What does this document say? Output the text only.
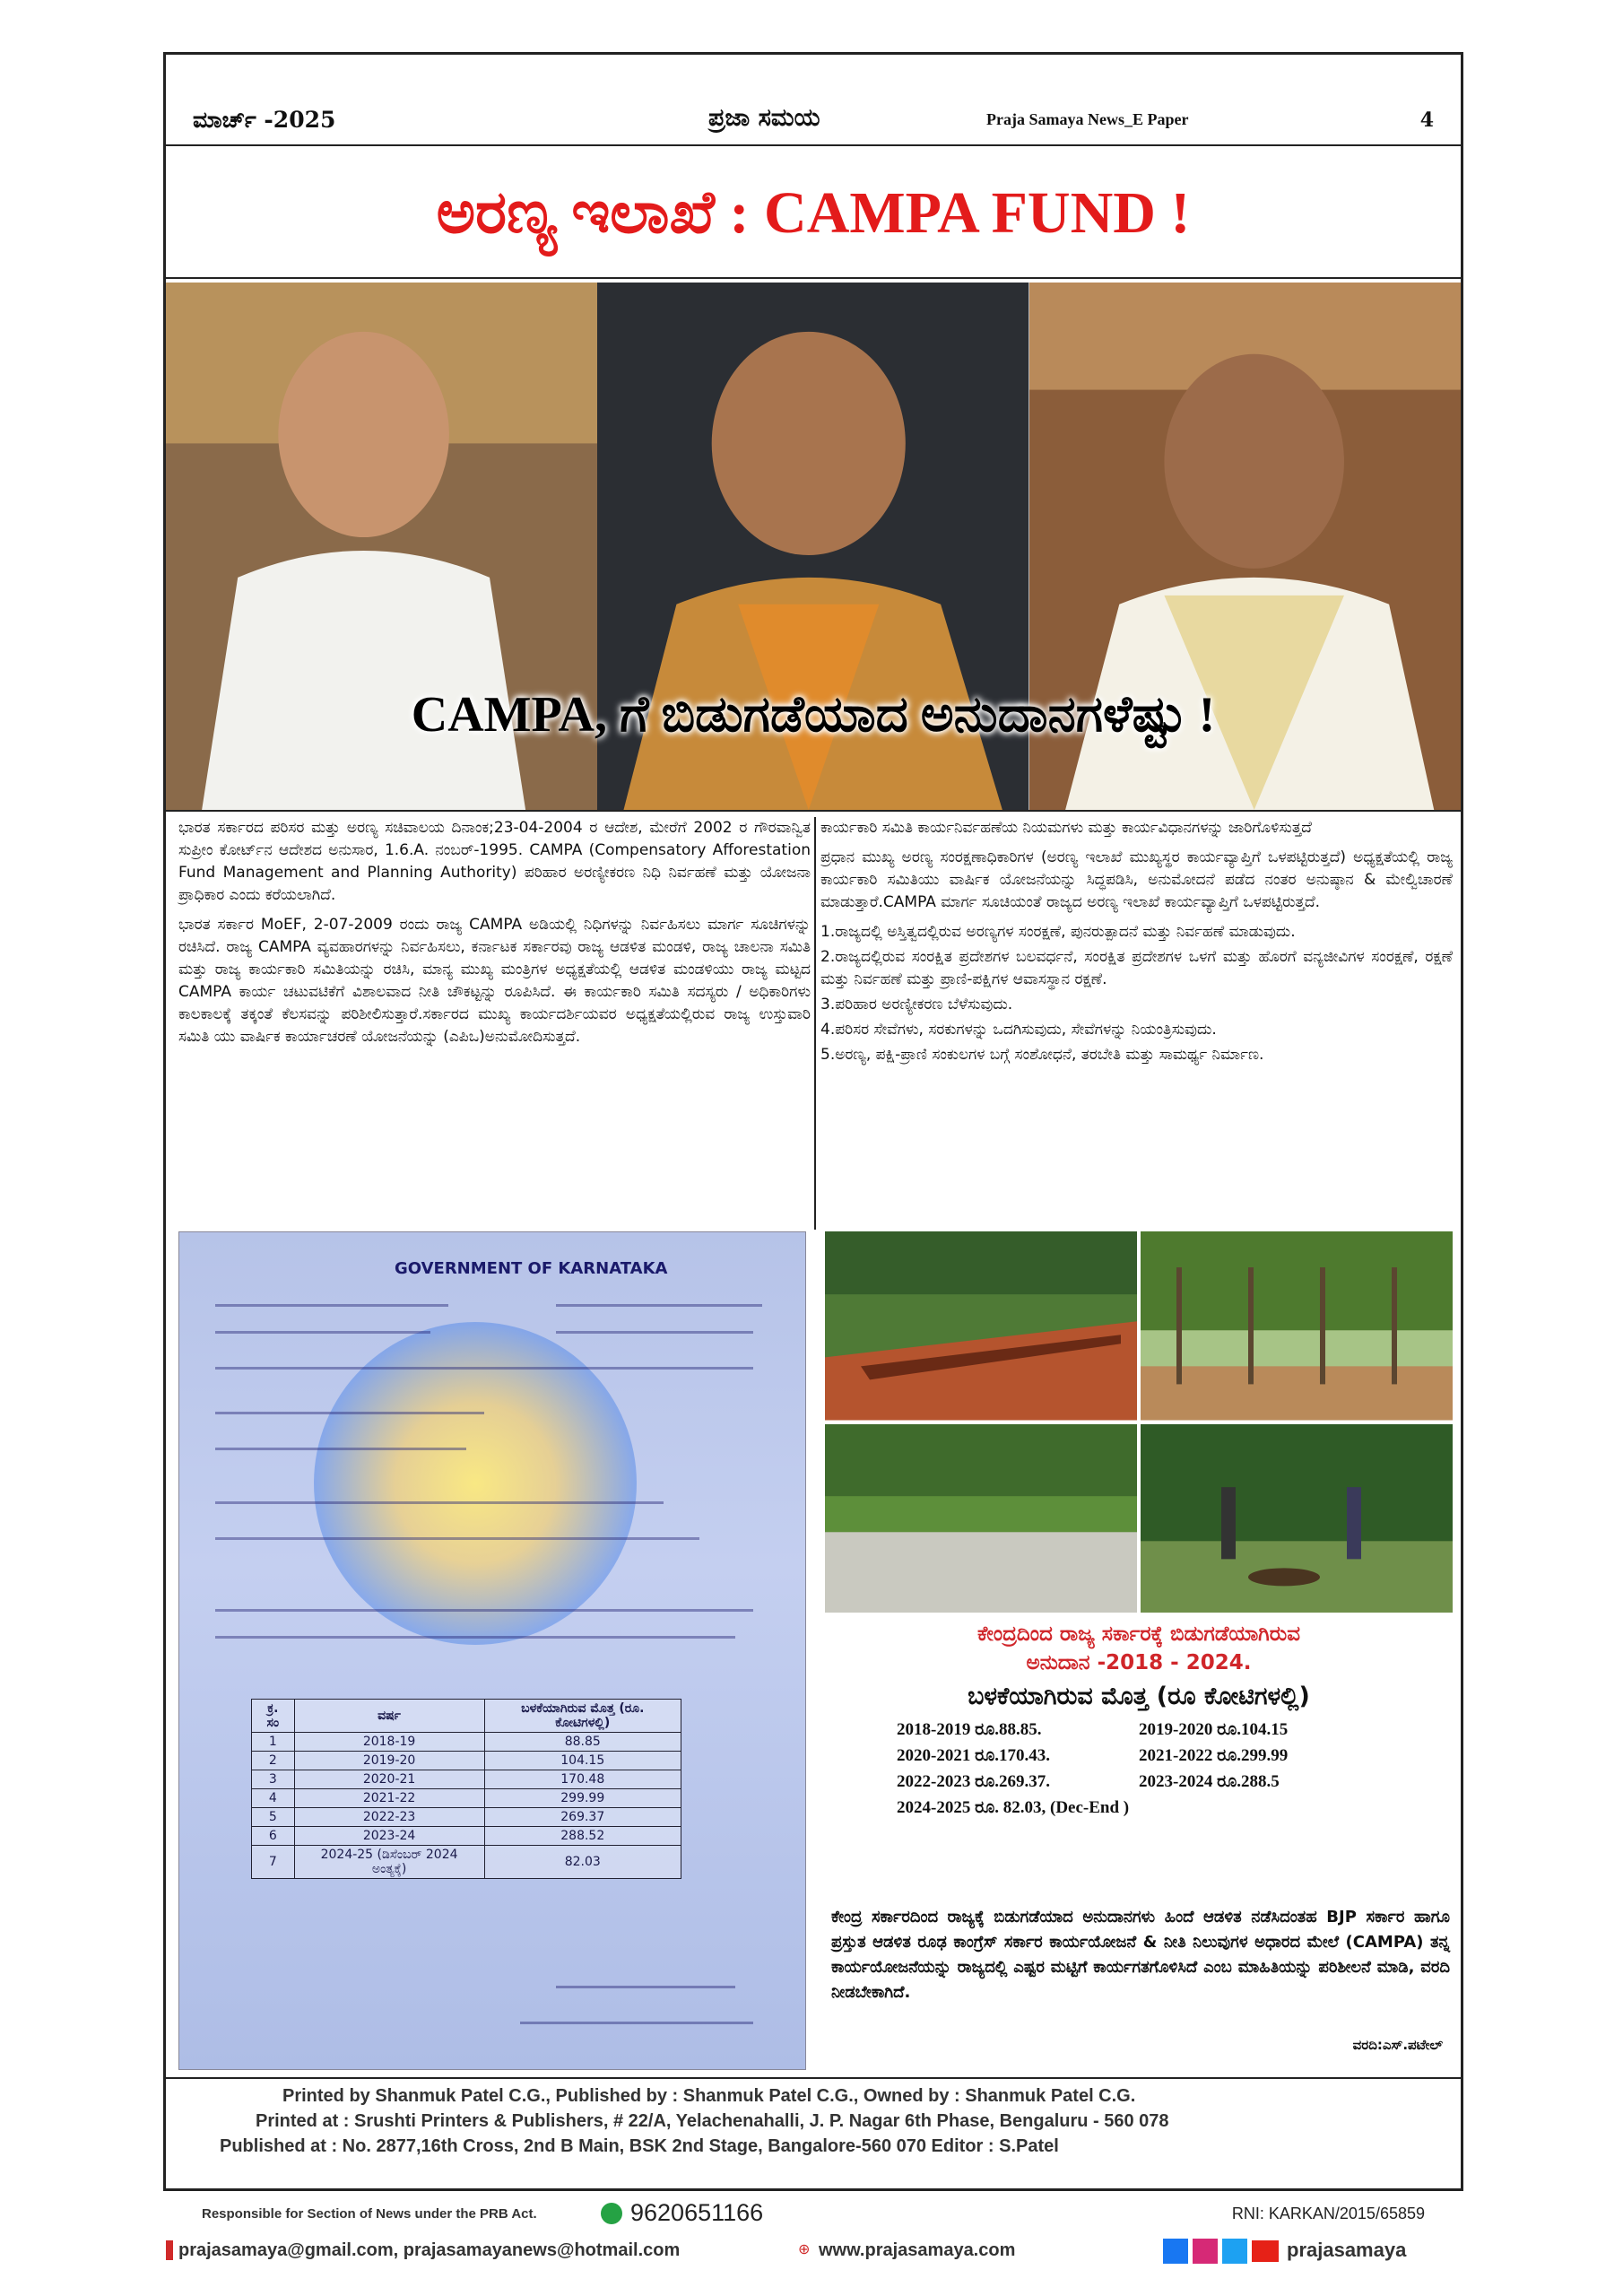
ಮಾರ್ಚ್ -2025	ಪ್ರಜಾ ಸಮಯ	Praja Samaya News_E Paper	4
ಅರಣ್ಯ ಇಲಾಖೆ : CAMPA FUND !
CAMPA, ಗೆ ಬಿಡುಗಡೆಯಾದ ಅನುದಾನಗಳೆಷ್ಟು !

ಭಾರತ ಸರ್ಕಾರದ ಪರಿಸರ ಮತ್ತು ಅರಣ್ಯ ಸಚಿವಾಲಯ ದಿನಾಂಕ;23-04-2004 ರ ಆದೇಶ, ಮೇರೆಗೆ 2002 ರ ಗೌರವಾನ್ವಿತ ಸುಪ್ರೀಂ ಕೋರ್ಟ್‌ನ ಆದೇಶದ ಅನುಸಾರ, 1.6.A. ನಂಬರ್-1995. CAMPA (Compensatory Afforestation Fund Management and Planning Authority) ಪರಿಹಾರ ಅರಣ್ಯೀಕರಣ ನಿಧಿ ನಿರ್ವಹಣೆ ಮತ್ತು ಯೋಜನಾ ಪ್ರಾಧಿಕಾರ ಎಂದು ಕರೆಯಲಾಗಿದೆ.

ಭಾರತ ಸರ್ಕಾರ MoEF, 2-07-2009 ರಂದು ರಾಜ್ಯ CAMPA ಅಡಿಯಲ್ಲಿ ನಿಧಿಗಳನ್ನು ನಿರ್ವಹಿಸಲು ಮಾರ್ಗ ಸೂಚಿಗಳನ್ನು ರಚಿಸಿದೆ. ರಾಜ್ಯ CAMPA ವ್ಯವಹಾರಗಳನ್ನು ನಿರ್ವಹಿಸಲು, ಕರ್ನಾಟಕ ಸರ್ಕಾರವು ರಾಜ್ಯ ಆಡಳಿತ ಮಂಡಳಿ, ರಾಜ್ಯ ಚಾಲನಾ ಸಮಿತಿ ಮತ್ತು ರಾಜ್ಯ ಕಾರ್ಯಕಾರಿ ಸಮಿತಿಯನ್ನು ರಚಿಸಿ, ಮಾನ್ಯ ಮುಖ್ಯ ಮಂತ್ರಿಗಳ ಅಧ್ಯಕ್ಷತೆಯಲ್ಲಿ ಆಡಳಿತ ಮಂಡಳಿಯು ರಾಜ್ಯ ಮಟ್ಟದ CAMPA ಕಾರ್ಯ ಚಟುವಟಿಕೆಗೆ ವಿಶಾಲವಾದ ನೀತಿ ಚೌಕಟ್ಟನ್ನು ರೂಪಿಸಿದೆ. ಈ ಕಾರ್ಯಕಾರಿ ಸಮಿತಿ ಸದಸ್ಯರು / ಅಧಿಕಾರಿಗಳು ಕಾಲಕಾಲಕ್ಕೆ ತಕ್ಕಂತೆ ಕೆಲಸವನ್ನು ಪರಿಶೀಲಿಸುತ್ತಾರೆ.ಸರ್ಕಾರದ ಮುಖ್ಯ ಕಾರ್ಯದರ್ಶಿಯವರ ಅಧ್ಯಕ್ಷತೆಯಲ್ಲಿರುವ ರಾಜ್ಯ ಉಸ್ತುವಾರಿ ಸಮಿತಿ ಯು ವಾರ್ಷಿಕ ಕಾರ್ಯಾಚರಣೆ ಯೋಜನೆಯನ್ನು (ಎಪಿಒ)ಅನುಮೋದಿಸುತ್ತದೆ.

ಕಾರ್ಯಕಾರಿ ಸಮಿತಿ ಕಾರ್ಯನಿರ್ವಹಣೆಯ ನಿಯಮಗಳು ಮತ್ತು ಕಾರ್ಯವಿಧಾನಗಳನ್ನು ಜಾರಿಗೊಳಿಸುತ್ತದೆ

ಪ್ರಧಾನ ಮುಖ್ಯ ಅರಣ್ಯ ಸಂರಕ್ಷಣಾಧಿಕಾರಿಗಳ (ಅರಣ್ಯ ಇಲಾಖೆ ಮುಖ್ಯಸ್ಥರ ಕಾರ್ಯವ್ಯಾಪ್ತಿಗೆ ಒಳಪಟ್ಟಿರುತ್ತದೆ) ಅಧ್ಯಕ್ಷತೆಯಲ್ಲಿ ರಾಜ್ಯ ಕಾರ್ಯಕಾರಿ ಸಮಿತಿಯು ವಾರ್ಷಿಕ ಯೋಜನೆಯನ್ನು ಸಿದ್ಧಪಡಿಸಿ, ಅನುಮೋದನೆ ಪಡೆದ ನಂತರ ಅನುಷ್ಠಾನ & ಮೇಲ್ವಿಚಾರಣೆ ಮಾಡುತ್ತಾರೆ.CAMPA ಮಾರ್ಗ ಸೂಚಿಯಂತೆ ರಾಜ್ಯದ ಅರಣ್ಯ ಇಲಾಖೆ ಕಾರ್ಯವ್ಯಾಪ್ತಿಗೆ ಒಳಪಟ್ಟಿರುತ್ತದೆ.

1.ರಾಜ್ಯದಲ್ಲಿ ಅಸ್ತಿತ್ವದಲ್ಲಿರುವ ಅರಣ್ಯಗಳ ಸಂರಕ್ಷಣೆ, ಪುನರುತ್ಪಾದನೆ ಮತ್ತು ನಿರ್ವಹಣೆ ಮಾಡುವುದು.

2.ರಾಜ್ಯದಲ್ಲಿರುವ ಸಂರಕ್ಷಿತ ಪ್ರದೇಶಗಳ ಬಲವರ್ಧನೆ, ಸಂರಕ್ಷಿತ ಪ್ರದೇಶಗಳ ಒಳಗೆ ಮತ್ತು ಹೊರಗೆ ವನ್ಯಜೀವಿಗಳ ಸಂರಕ್ಷಣೆ, ರಕ್ಷಣೆ ಮತ್ತು ನಿರ್ವಹಣೆ ಮತ್ತು ಪ್ರಾಣಿ-ಪಕ್ಷಿಗಳ ಆವಾಸಸ್ಥಾನ ರಕ್ಷಣೆ.

3.ಪರಿಹಾರ ಅರಣ್ಯೀಕರಣ ಬೆಳೆಸುವುದು.

4.ಪರಿಸರ ಸೇವೆಗಳು, ಸರಕುಗಳನ್ನು ಒದಗಿಸುವುದು, ಸೇವೆಗಳನ್ನು ನಿಯಂತ್ರಿಸುವುದು.

5.ಅರಣ್ಯ, ಪಕ್ಷಿ-ಪ್ರಾಣಿ ಸಂಕುಲಗಳ ಬಗ್ಗೆ ಸಂಶೋಧನೆ, ತರಬೇತಿ ಮತ್ತು ಸಾಮರ್ಥ್ಯ ನಿರ್ಮಾಣ.

GOVERNMENT OF KARNATAKA
ಕ್ರ. ಸಂ	ವರ್ಷ	ಬಳಕೆಯಾಗಿರುವ ಮೊತ್ತ (ರೂ. ಕೋಟಿಗಳಲ್ಲಿ)
1	2018-19	88.85
2	2019-20	104.15
3	2020-21	170.48
4	2021-22	299.99
5	2022-23	269.37
6	2023-24	288.52
7	2024-25 (ಡಿಸೆಂಬರ್ 2024 ಅಂತ್ಯಕ್ಕೆ)	82.03
ಕೇಂದ್ರದಿಂದ ರಾಜ್ಯ ಸರ್ಕಾರಕ್ಕೆ ಬಿಡುಗಡೆಯಾಗಿರುವ
ಅನುದಾನ -2018 - 2024.
ಬಳಕೆಯಾಗಿರುವ ಮೊತ್ತ (ರೂ ಕೋಟಿಗಳಲ್ಲಿ)
2018-2019 ರೂ.88.85.	2019-2020 ರೂ.104.15
2020-2021 ರೂ.170.43.	2021-2022 ರೂ.299.99
2022-2023 ರೂ.269.37.	2023-2024 ರೂ.288.5
2024-2025 ರೂ. 82.03, (Dec-End )
ಕೇಂದ್ರ ಸರ್ಕಾರದಿಂದ ರಾಜ್ಯಕ್ಕೆ ಬಿಡುಗಡೆಯಾದ ಅನುದಾನಗಳು ಹಿಂದೆ ಆಡಳಿತ ನಡೆಸಿದಂತಹ BJP ಸರ್ಕಾರ ಹಾಗೂ ಪ್ರಸ್ತುತ ಆಡಳಿತ ರೂಢ ಕಾಂಗ್ರೆಸ್ ಸರ್ಕಾರ ಕಾರ್ಯಯೋಜನೆ & ನೀತಿ ನಿಲುವುಗಳ ಅಧಾರದ ಮೇಲೆ (CAMPA) ತನ್ನ ಕಾರ್ಯಯೋಜನೆಯನ್ನು ರಾಜ್ಯದಲ್ಲಿ ಎಷ್ಟರ ಮಟ್ಟಿಗೆ ಕಾರ್ಯಗತಗೊಳಿಸಿದೆ ಎಂಬ ಮಾಹಿತಿಯನ್ನು ಪರಿಶೀಲನೆ ಮಾಡಿ, ವರದಿ ನೀಡಬೇಕಾಗಿದೆ.
ವರದಿ:ಎಸ್.ಪಟೇಲ್
Printed by Shanmuk Patel C.G., Published by : Shanmuk Patel C.G., Owned by : Shanmuk Patel C.G.
Printed at : Srushti Printers & Publishers, # 22/A, Yelachenahalli, J. P. Nagar 6th Phase, Bengaluru - 560 078
Published at : No. 2877,16th Cross, 2nd B Main, BSK 2nd Stage, Bangalore-560 070 Editor : S.Patel
Responsible for Section of News under the PRB Act.	9620651166	RNI: KARKAN/2015/65859
prajasamaya@gmail.com, prajasamayanews@hotmail.com	⊕ www.prajasamaya.com	prajasamaya
